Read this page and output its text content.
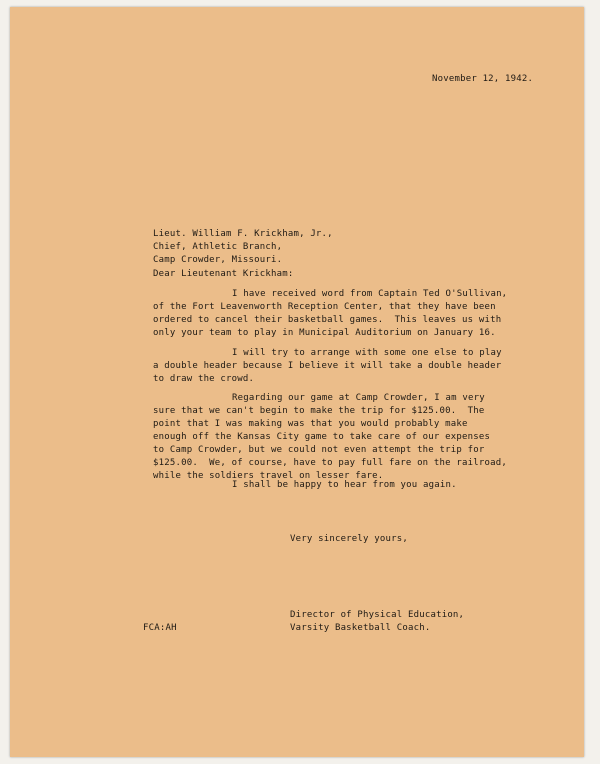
November 12, 1942.
Lieut. William F. Krickham, Jr.,
Chief, Athletic Branch,
Camp Crowder, Missouri.
Dear Lieutenant Krickham:
I have received word from Captain Ted O'Sullivan,
of the Fort Leavenworth Reception Center, that they have been
ordered to cancel their basketball games.  This leaves us with
only your team to play in Municipal Auditorium on January 16.
I will try to arrange with some one else to play
a double header because I believe it will take a double header
to draw the crowd.
Regarding our game at Camp Crowder, I am very
sure that we can't begin to make the trip for $125.00.  The
point that I was making was that you would probably make
enough off the Kansas City game to take care of our expenses
to Camp Crowder, but we could not even attempt the trip for
$125.00.  We, of course, have to pay full fare on the railroad,
while the soldiers travel on lesser fare.
I shall be happy to hear from you again.
Very sincerely yours,
Director of Physical Education,
Varsity Basketball Coach.
FCA:AH
